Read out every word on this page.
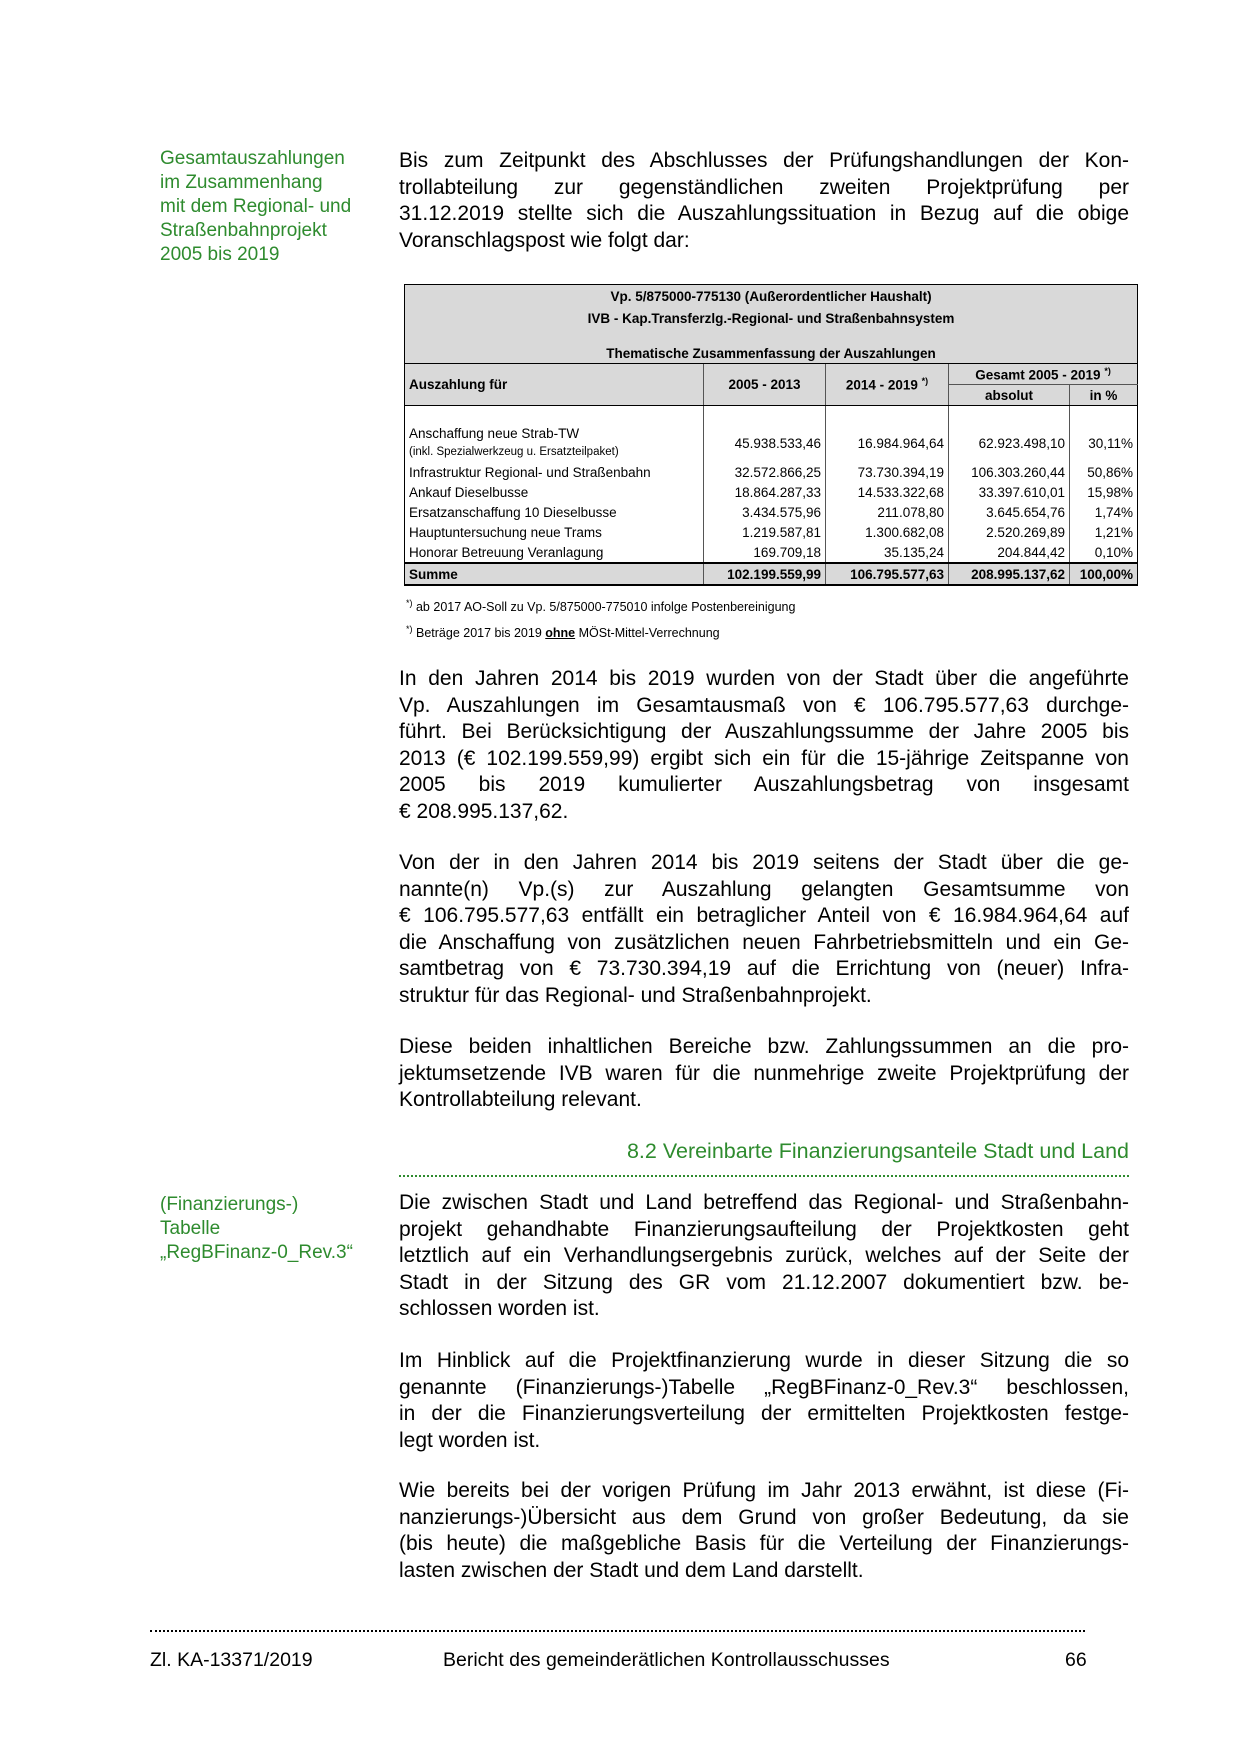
Gesamtauszahlungen
im Zusammenhang
mit dem Regional- und
Straßenbahnprojekt
2005 bis 2019
(Finanzierungs-)
Tabelle
„RegBFinanz-0_Rev.3“
Bis zum Zeitpunkt des Abschlusses der Prüfungshandlungen der Kon-
trollabteilung zur gegenständlichen zweiten Projektprüfung per
31.12.2019 stellte sich die Auszahlungssituation in Bezug auf die obige
Voranschlagspost wie folgt dar:
Vp. 5/875000-775130 (Außerordentlicher Haushalt)				
IVB - Kap.Transferzlg.-Regional- und Straßenbahnsystem				

Thematische Zusammenfassung der Auszahlungen				
Auszahlung für	2005 - 2013	2014 - 2019 *)	Gesamt 2005 - 2019 *)
			absolut	in %

Anschaffung neue Strab-TW
(inkl. Spezialwerkzeug u. Ersatzteilpaket)	45.938.533,46	16.984.964,64	62.923.498,10	30,11%
Infrastruktur Regional- und Straßenbahn	32.572.866,25	73.730.394,19	106.303.260,44	50,86%
Ankauf Dieselbusse	18.864.287,33	14.533.322,68	33.397.610,01	15,98%
Ersatzanschaffung 10 Dieselbusse	3.434.575,96	211.078,80	3.645.654,76	1,74%
Hauptuntersuchung neue Trams	1.219.587,81	1.300.682,08	2.520.269,89	1,21%
Honorar Betreuung Veranlagung	169.709,18	35.135,24	204.844,42	0,10%
Summe	102.199.559,99	106.795.577,63	208.995.137,62	100,00%
*) ab 2017 AO-Soll zu Vp. 5/875000-775010 infolge Postenbereinigung
*) Beträge 2017 bis 2019 ohne MÖSt-Mittel-Verrechnung
In den Jahren 2014 bis 2019 wurden von der Stadt über die angeführte
Vp. Auszahlungen im Gesamtausmaß von € 106.795.577,63 durchge-
führt. Bei Berücksichtigung der Auszahlungssumme der Jahre 2005 bis
2013 (€ 102.199.559,99) ergibt sich ein für die 15-jährige Zeitspanne von
2005 bis 2019 kumulierter Auszahlungsbetrag von insgesamt
€ 208.995.137,62.
Von der in den Jahren 2014 bis 2019 seitens der Stadt über die ge-
nannte(n) Vp.(s) zur Auszahlung gelangten Gesamtsumme von
€ 106.795.577,63 entfällt ein betraglicher Anteil von € 16.984.964,64 auf
die Anschaffung von zusätzlichen neuen Fahrbetriebsmitteln und ein Ge-
samtbetrag von € 73.730.394,19 auf die Errichtung von (neuer) Infra-
struktur für das Regional- und Straßenbahnprojekt.
Diese beiden inhaltlichen Bereiche bzw. Zahlungssummen an die pro-
jektumsetzende IVB waren für die nunmehrige zweite Projektprüfung der
Kontrollabteilung relevant.
8.2 Vereinbarte Finanzierungsanteile Stadt und Land
Die zwischen Stadt und Land betreffend das Regional- und Straßenbahn-
projekt gehandhabte Finanzierungsaufteilung der Projektkosten geht
letztlich auf ein Verhandlungsergebnis zurück, welches auf der Seite der
Stadt in der Sitzung des GR vom 21.12.2007 dokumentiert bzw. be-
schlossen worden ist.
Im Hinblick auf die Projektfinanzierung wurde in dieser Sitzung die so
genannte (Finanzierungs-)Tabelle „RegBFinanz-0_Rev.3“ beschlossen,
in der die Finanzierungsverteilung der ermittelten Projektkosten festge-
legt worden ist.
Wie bereits bei der vorigen Prüfung im Jahr 2013 erwähnt, ist diese (Fi-
nanzierungs-)Übersicht aus dem Grund von großer Bedeutung, da sie
(bis heute) die maßgebliche Basis für die Verteilung der Finanzierungs-
lasten zwischen der Stadt und dem Land darstellt.
Zl. KA-13371/2019	Bericht des gemeinderätlichen Kontrollausschusses	66
